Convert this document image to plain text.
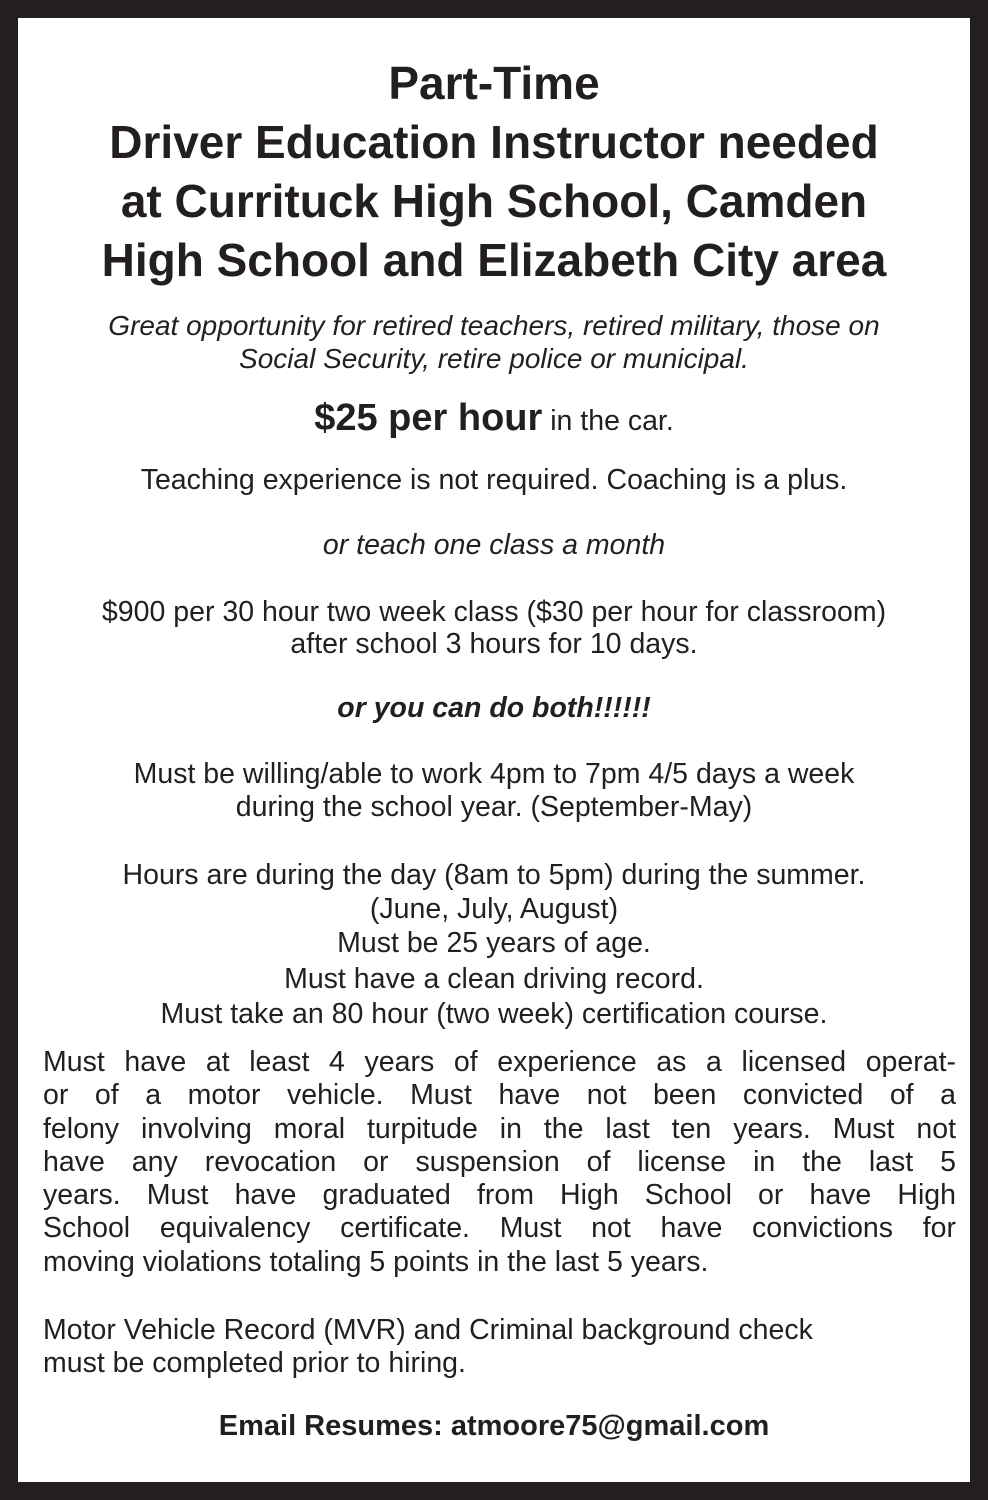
Part-Time
Driver Education Instructor needed
at Currituck High School, Camden
High School and Elizabeth City area
Great opportunity for retired teachers, retired military, those on
Social Security, retire police or municipal.
$25 per hour in the car.
Teaching experience is not required. Coaching is a plus.
or teach one class a month
$900 per 30 hour two week class ($30 per hour for classroom)
after school 3 hours for 10 days.
or you can do both!!!!!!
Must be willing/able to work 4pm to 7pm 4/5 days a week
during the school year. (September-May)
Hours are during the day (8am to 5pm) during the summer.
(June, July, August)
Must be 25 years of age.
Must have a clean driving record.
Must take an 80 hour (two week) certification course.
Must have at least 4 years of experience as a licensed operat-
or of a motor vehicle. Must have not been convicted of a
felony involving moral turpitude in the last ten years. Must not
have any revocation or suspension of license in the last 5
years. Must have graduated from High School or have High
School equivalency certificate. Must not have convictions for
moving violations totaling 5 points in the last 5 years.
Motor Vehicle Record (MVR) and Criminal background check
must be completed prior to hiring.
Email Resumes: atmoore75@gmail.com
